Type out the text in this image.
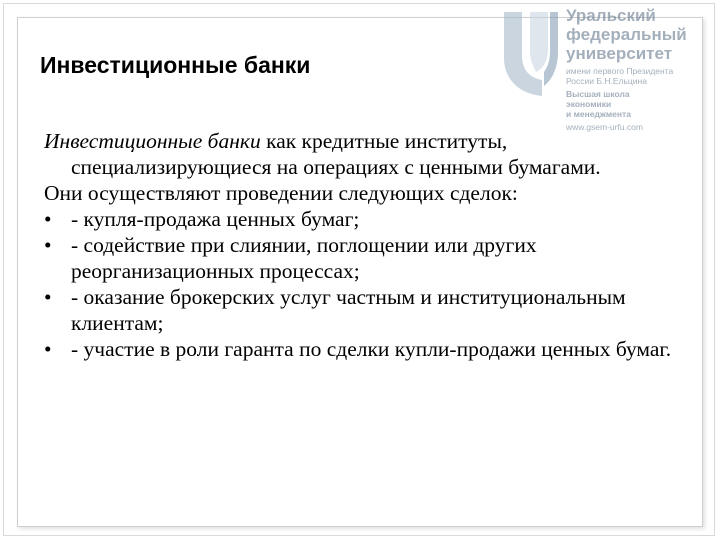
Уральский
федеральный
университет
имени первого Президента
России Б.Н.Ельцина
Высшая школа
экономики
и менеджмента
www.gsem-urfu.com
Инвестиционные банки

Инвестиционные банки как кредитные институты, специализирующиеся на операциях с ценными бумагами.

Они осуществляют проведении следующих сделок:

• - купля-продажа ценных бумаг;
• - содействие при слиянии, поглощении или других реорганизационных процессах;
• - оказание брокерских услуг частным и институциональным клиентам;
• - участие в роли гаранта по сделки купли-продажи ценных бумаг.
